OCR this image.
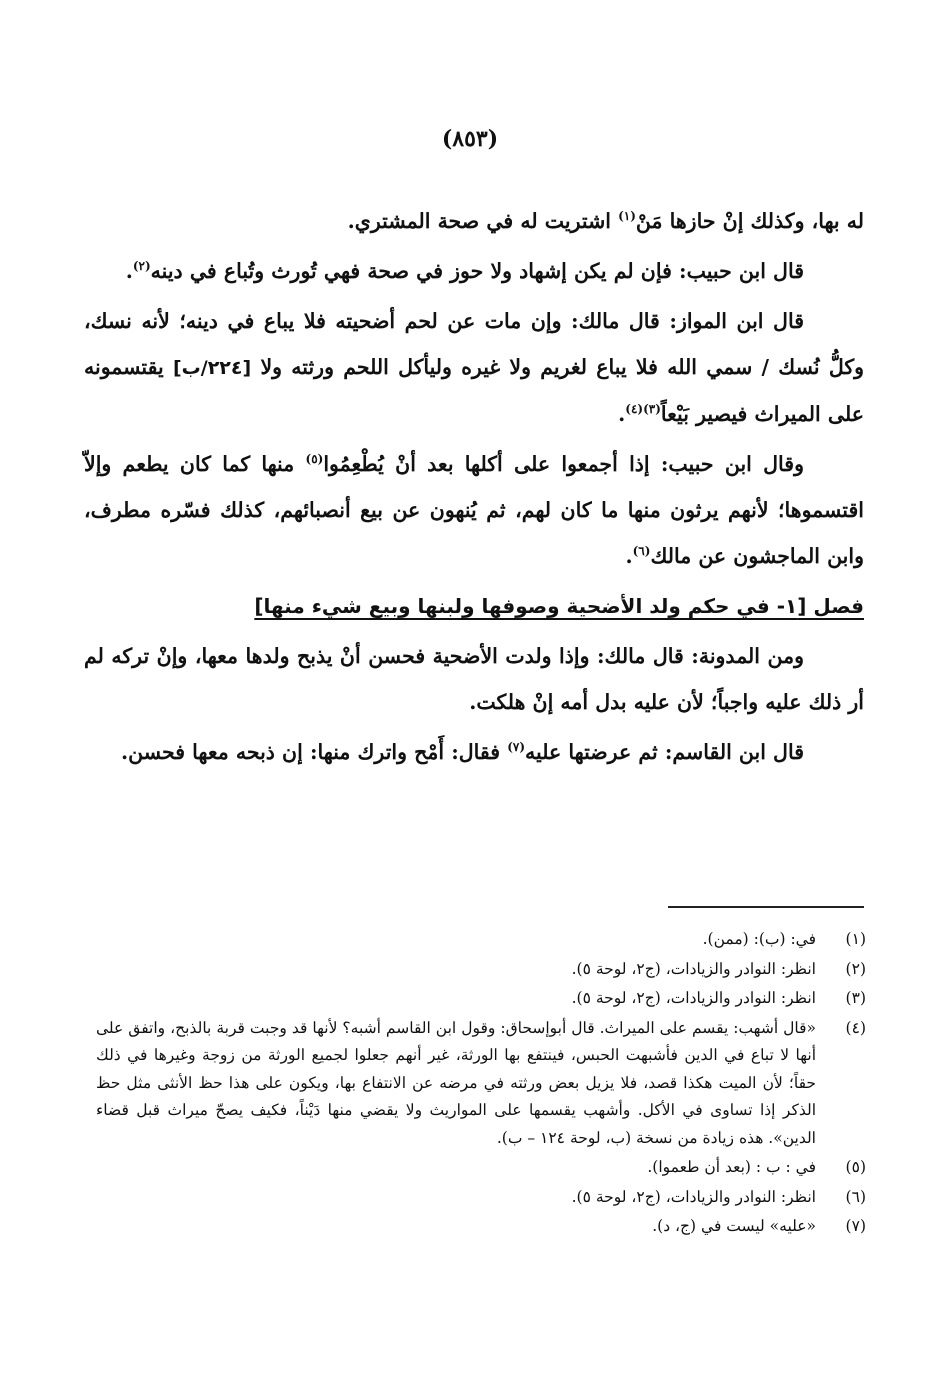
(٨٥٣)

له بها، وكذلك إنْ حازها مَنْ$^{(١)}$ اشتريت له في صحة المشتري.

قال ابن حبيب: فإن لم يكن إشهاد ولا حوز في صحة فهي تُورث وتُباع في دينه$^{(٢)}$.

قال ابن المواز: قال مالك: وإن مات عن لحم أضحيته فلا يباع في دينه؛ لأنه نسك، وكلُّ نُسك / سمي الله فلا يباع لغريم ولا غيره وليأكل اللحم ورثته ولا [٢٢٤/ب] يقتسمونه على الميراث فيصير بَيْعاً$^{(٣)(٤)}$.

وقال ابن حبيب: إذا أجمعوا على أكلها بعد أنْ يُطْعِمُوا$^{(٥)}$ منها كما كان يطعم وإلاّ اقتسموها؛ لأنهم يرثون منها ما كان لهم، ثم يُنهون عن بيع أنصبائهم، كذلك فسّره مطرف، وابن الماجشون عن مالك$^{(٦)}$.

فصل [١- في حكم ولد الأضحية وصوفها ولبنها وبيع شيء منها]

ومن المدونة: قال مالك: وإذا ولدت الأضحية فحسن أنْ يذبح ولدها معها، وإنْ تركه لم أر ذلك عليه واجباً؛ لأن عليه بدل أمه إنْ هلكت.

قال ابن القاسم: ثم عرضتها عليه$^{(٧)}$ فقال: أَمْح واترك منها: إن ذبحه معها فحسن.

(١)
في: (ب): (ممن).
(٢)
انظر: النوادر والزيادات، (ج٢، لوحة ٥).
(٣)
انظر: النوادر والزيادات، (ج٢، لوحة ٥).
(٤)
«قال أشهب: يقسم على الميراث. قال أبوإسحاق: وقول ابن القاسم أشبه؟ لأنها قد وجبت قربة بالذبح، واتفق على أنها لا تباع في الدين فأشبهت الحبس، فينتفع بها الورثة، غير أنهم جعلوا لجميع الورثة من زوجة وغيرها في ذلك حقاً؛ لأن الميت هكذا قصد، فلا يزيل بعض ورثته في مرضه عن الانتفاع بها، ويكون على هذا حظ الأنثى مثل حظ الذكر إذا تساوى في الأكل. وأشهب يقسمها على المواريث ولا يقضي منها دَيْناً، فكيف يصحّ ميراث قبل قضاء الدين». هذه زيادة من نسخة (ب، لوحة ١٢٤ – ب).
(٥)
في : ب : (بعد أن طعموا).
(٦)
انظر: النوادر والزيادات، (ج٢، لوحة ٥).
(٧)
«عليه» ليست في (ج، د).
